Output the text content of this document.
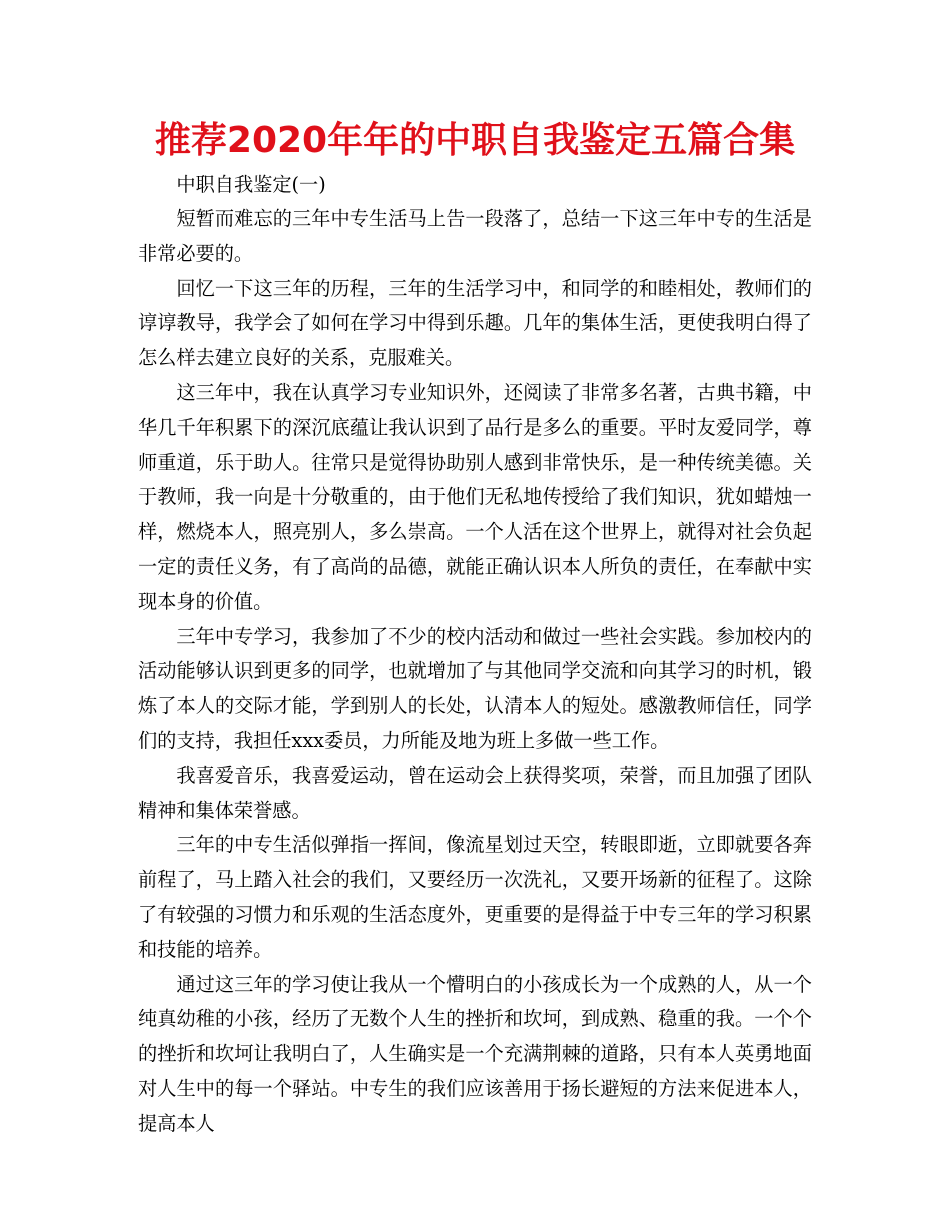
推荐2020年年的中职自我鉴定五篇合集

中职自我鉴定(一)

短暂而难忘的三年中专生活马上告一段落了，总结一下这三年中专的生活是非常必要的。

回忆一下这三年的历程，三年的生活学习中，和同学的和睦相处，教师们的谆谆教导，我学会了如何在学习中得到乐趣。几年的集体生活，更使我明白得了怎么样去建立良好的关系，克服难关。

这三年中，我在认真学习专业知识外，还阅读了非常多名著，古典书籍，中华几千年积累下的深沉底蕴让我认识到了品行是多么的重要。平时友爱同学，尊师重道，乐于助人。往常只是觉得协助别人感到非常快乐，是一种传统美德。关于教师，我一向是十分敬重的，由于他们无私地传授给了我们知识，犹如蜡烛一样，燃烧本人，照亮别人，多么崇高。一个人活在这个世界上，就得对社会负起一定的责任义务，有了高尚的品德，就能正确认识本人所负的责任，在奉献中实现本身的价值。

三年中专学习，我参加了不少的校内活动和做过一些社会实践。参加校内的活动能够认识到更多的同学，也就增加了与其他同学交流和向其学习的时机，锻炼了本人的交际才能，学到别人的长处，认清本人的短处。感激教师信任，同学们的支持，我担任xxx委员，力所能及地为班上多做一些工作。

我喜爱音乐，我喜爱运动，曾在运动会上获得奖项，荣誉，而且加强了团队精神和集体荣誉感。

三年的中专生活似弹指一挥间，像流星划过天空，转眼即逝，立即就要各奔前程了，马上踏入社会的我们，又要经历一次洗礼，又要开场新的征程了。这除了有较强的习惯力和乐观的生活态度外，更重要的是得益于中专三年的学习积累和技能的培养。

通过这三年的学习使让我从一个懵明白的小孩成长为一个成熟的人，从一个纯真幼稚的小孩，经历了无数个人生的挫折和坎坷，到成熟、稳重的我。一个个的挫折和坎坷让我明白了，人生确实是一个充满荆棘的道路，只有本人英勇地面对人生中的每一个驿站。中专生的我们应该善用于扬长避短的方法来促进本人，提高本人
